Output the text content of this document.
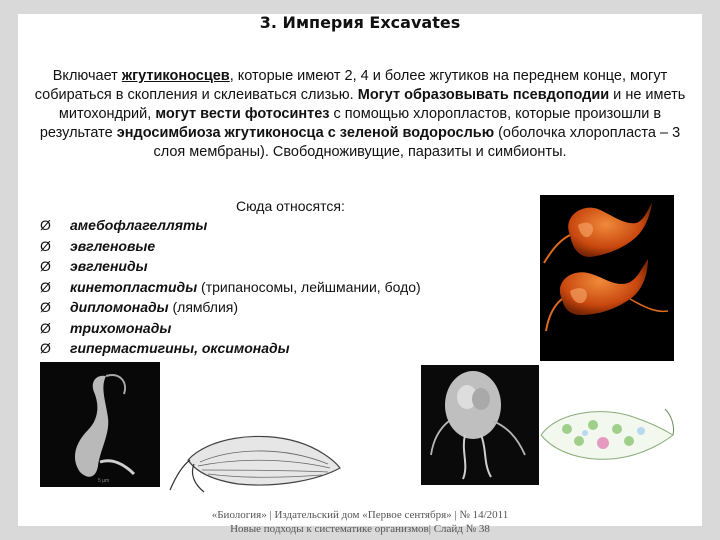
3. Империя Excavates
Включает жгутиконосцев, которые имеют 2, 4 и более жгутиков на переднем конце, могут собираться в скопления и склеиваться слизью. Могут образовывать псевдоподии и не иметь митохондрий, могут вести фотосинтез с помощью хлоропластов, которые произошли в результате эндосимбиоза жгутиконосца с зеленой водорослью (оболочка хлоропласта – 3 слоя мембраны). Свободноживущие, паразиты и симбионты.
Сюда относятся:
Ø амебофлагелляты
Ø эвгленовые
Ø эвглениды
Ø кинетопластиды (трипаносомы, лейшмании, бодо)
Ø дипломонады (лямблия)
Ø трихомонады
Ø гипермастигины, оксимонады
5 µm
«Биология» | Издательский дом «Первое сентября» | № 14/2011
Новые подходы к систематике организмов| Слайд № 38
